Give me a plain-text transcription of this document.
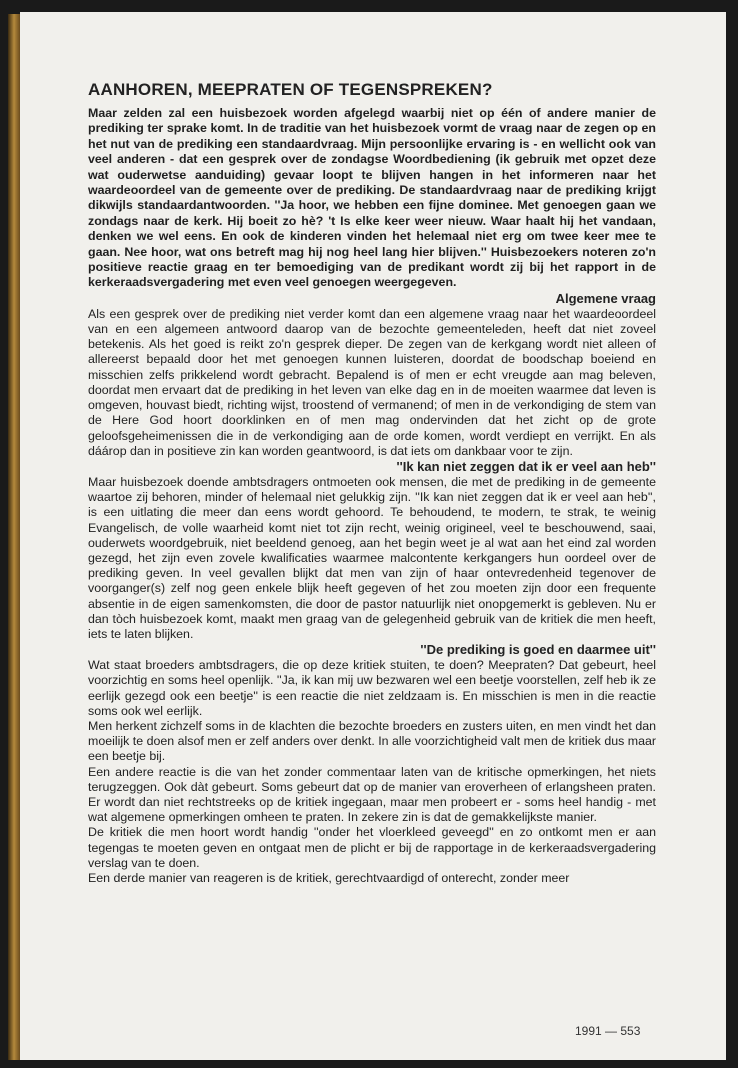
AANHOREN, MEEPRATEN OF TEGENSPREKEN?

Maar zelden zal een huisbezoek worden afgelegd waarbij niet op één of andere manier de prediking ter sprake komt. In de traditie van het huisbezoek vormt de vraag naar de zegen op en het nut van de prediking een standaardvraag. Mijn persoonlijke ervaring is - en wellicht ook van veel anderen - dat een gesprek over de zondagse Woordbediening (ik gebruik met opzet deze wat ouderwetse aanduiding) gevaar loopt te blijven hangen in het informeren naar het waardeoordeel van de gemeente over de prediking. De standaardvraag naar de prediking krijgt dikwijls standaardantwoorden. ''Ja hoor, we hebben een fijne dominee. Met genoegen gaan we zondags naar de kerk. Hij boeit zo hè? 't Is elke keer weer nieuw. Waar haalt hij het vandaan, denken we wel eens. En ook de kinderen vinden het helemaal niet erg om twee keer mee te gaan. Nee hoor, wat ons betreft mag hij nog heel lang hier blijven.'' Huisbezoekers noteren zo'n positieve reactie graag en ter bemoediging van de predikant wordt zij bij het rapport in de kerkeraadsvergadering met even veel genoegen weergegeven.

Algemene vraag

Als een gesprek over de prediking niet verder komt dan een algemene vraag naar het waardeoordeel van en een algemeen antwoord daarop van de bezochte gemeenteleden, heeft dat niet zoveel betekenis. Als het goed is reikt zo'n gesprek dieper. De zegen van de kerkgang wordt niet alleen of allereerst bepaald door het met genoegen kunnen luisteren, doordat de boodschap boeiend en misschien zelfs prikkelend wordt gebracht. Bepalend is of men er echt vreugde aan mag beleven, doordat men ervaart dat de prediking in het leven van elke dag en in de moeiten waarmee dat leven is omgeven, houvast biedt, richting wijst, troostend of vermanend; of men in de verkondiging de stem van de Here God hoort doorklinken en of men mag ondervinden dat het zicht op de grote geloofsgeheimenissen die in de verkondiging aan de orde komen, wordt verdiept en verrijkt. En als dáárop dan in positieve zin kan worden geantwoord, is dat iets om dankbaar voor te zijn.

''Ik kan niet zeggen dat ik er veel aan heb''

Maar huisbezoek doende ambtsdragers ontmoeten ook mensen, die met de prediking in de gemeente waartoe zij behoren, minder of helemaal niet gelukkig zijn. ''Ik kan niet zeggen dat ik er veel aan heb'', is een uitlating die meer dan eens wordt gehoord. Te behoudend, te modern, te strak, te weinig Evangelisch, de volle waarheid komt niet tot zijn recht, weinig origineel, veel te beschouwend, saai, ouderwets woordgebruik, niet beeldend genoeg, aan het begin weet je al wat aan het eind zal worden gezegd, het zijn even zovele kwalificaties waarmee malcontente kerkgangers hun oordeel over de prediking geven. In veel gevallen blijkt dat men van zijn of haar ontevredenheid tegenover de voorganger(s) zelf nog geen enkele blijk heeft gegeven of het zou moeten zijn door een frequente absentie in de eigen samenkomsten, die door de pastor natuurlijk niet onopgemerkt is gebleven. Nu er dan tòch huisbezoek komt, maakt men graag van de gelegenheid gebruik van de kritiek die men heeft, iets te laten blijken.

''De prediking is goed en daarmee uit''

Wat staat broeders ambtsdragers, die op deze kritiek stuiten, te doen? Meepraten? Dat gebeurt, heel voorzichtig en soms heel openlijk. ''Ja, ik kan mij uw bezwaren wel een beetje voorstellen, zelf heb ik ze eerlijk gezegd ook een beetje'' is een reactie die niet zeldzaam is. En misschien is men in die reactie soms ook wel eerlijk.

Men herkent zichzelf soms in de klachten die bezochte broeders en zusters uiten, en men vindt het dan moeilijk te doen alsof men er zelf anders over denkt. In alle voorzichtigheid valt men de kritiek dus maar een beetje bij.

Een andere reactie is die van het zonder commentaar laten van de kritische opmerkingen, het niets terugzeggen. Ook dàt gebeurt. Soms gebeurt dat op de manier van eroverheen of erlangsheen praten. Er wordt dan niet rechtstreeks op de kritiek ingegaan, maar men probeert er - soms heel handig - met wat algemene opmerkingen omheen te praten. In zekere zin is dat de gemakkelijkste manier.

De kritiek die men hoort wordt handig ''onder het vloerkleed geveegd'' en zo ontkomt men er aan tegengas te moeten geven en ontgaat men de plicht er bij de rapportage in de kerkeraadsvergadering verslag van te doen.

Een derde manier van reageren is de kritiek, gerechtvaardigd of onterecht, zonder meer

1991 — 553
